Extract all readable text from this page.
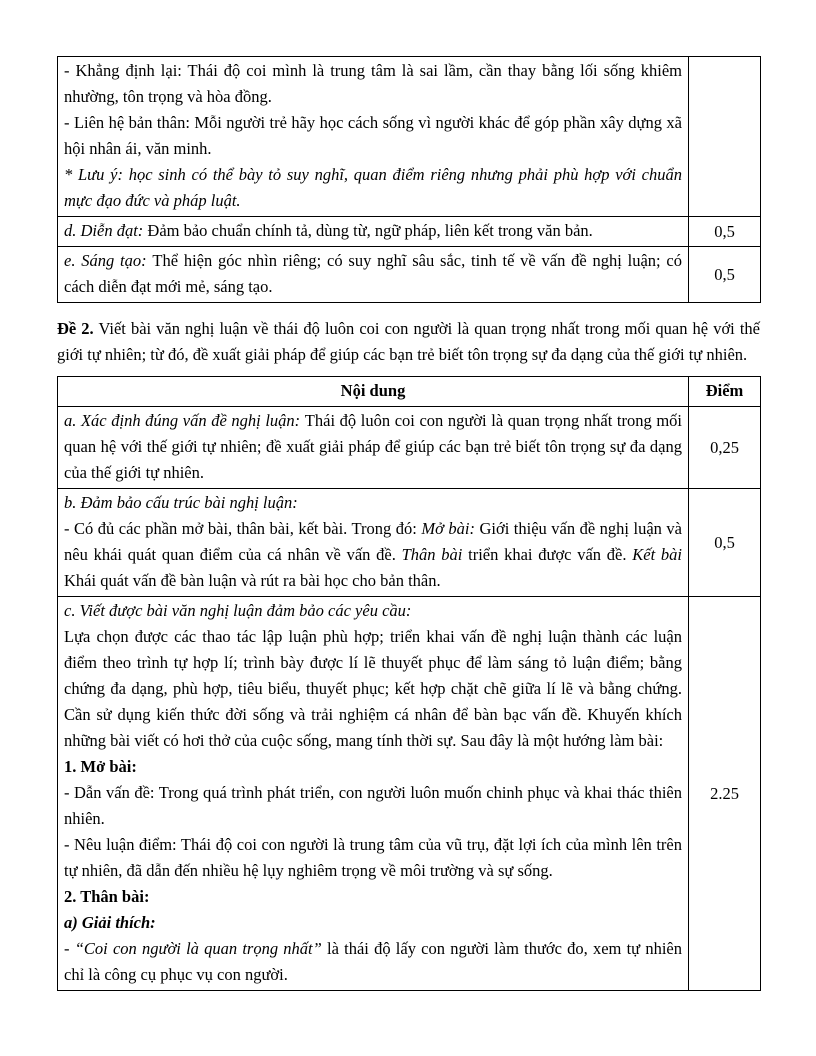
- Khẳng định lại: Thái độ coi mình là trung tâm là sai lầm, cần thay bằng lối sống khiêm nhường, tôn trọng và hòa đồng.
- Liên hệ bản thân: Mỗi người trẻ hãy học cách sống vì người khác để góp phần xây dựng xã hội nhân ái, văn minh.
* Lưu ý: học sinh có thể bày tỏ suy nghĩ, quan điểm riêng nhưng phải phù hợp với chuẩn mực đạo đức và pháp luật.	

d. Diễn đạt: Đảm bảo chuẩn chính tả, dùng từ, ngữ pháp, liên kết trong văn bản.	0,5

e. Sáng tạo: Thể hiện góc nhìn riêng; có suy nghĩ sâu sắc, tinh tế về vấn đề nghị luận; có cách diễn đạt mới mẻ, sáng tạo.	0,5
Đề 2. Viết bài văn nghị luận về thái độ luôn coi con người là quan trọng nhất trong mối quan hệ với thế giới tự nhiên; từ đó, đề xuất giải pháp để giúp các bạn trẻ biết tôn trọng sự đa dạng của thế giới tự nhiên.
Nội dung	Điểm

a. Xác định đúng vấn đề nghị luận: Thái độ luôn coi con người là quan trọng nhất trong mối quan hệ với thế giới tự nhiên; đề xuất giải pháp để giúp các bạn trẻ biết tôn trọng sự đa dạng của thế giới tự nhiên.	0,25

b. Đảm bảo cấu trúc bài nghị luận:
- Có đủ các phần mở bài, thân bài, kết bài. Trong đó: Mở bài: Giới thiệu vấn đề nghị luận và nêu khái quát quan điểm của cá nhân về vấn đề. Thân bài triển khai được vấn đề. Kết bài Khái quát vấn đề bàn luận và rút ra bài học cho bản thân.	0,5

c. Viết được bài văn nghị luận đảm bảo các yêu cầu:
Lựa chọn được các thao tác lập luận phù hợp; triển khai vấn đề nghị luận thành các luận điểm theo trình tự hợp lí; trình bày được lí lẽ thuyết phục để làm sáng tỏ luận điểm; bằng chứng đa dạng, phù hợp, tiêu biểu, thuyết phục; kết hợp chặt chẽ giữa lí lẽ và bằng chứng. Cần sử dụng kiến thức đời sống và trải nghiệm cá nhân để bàn bạc vấn đề. Khuyến khích những bài viết có hơi thở của cuộc sống, mang tính thời sự. Sau đây là một hướng làm bài:
1. Mở bài:
- Dẫn vấn đề: Trong quá trình phát triển, con người luôn muốn chinh phục và khai thác thiên nhiên.
- Nêu luận điểm: Thái độ coi con người là trung tâm của vũ trụ, đặt lợi ích của mình lên trên tự nhiên, đã dẫn đến nhiều hệ lụy nghiêm trọng về môi trường và sự sống.
2. Thân bài:
a) Giải thích:
- “Coi con người là quan trọng nhất” là thái độ lấy con người làm thước đo, xem tự nhiên chỉ là công cụ phục vụ con người.
	2.25
